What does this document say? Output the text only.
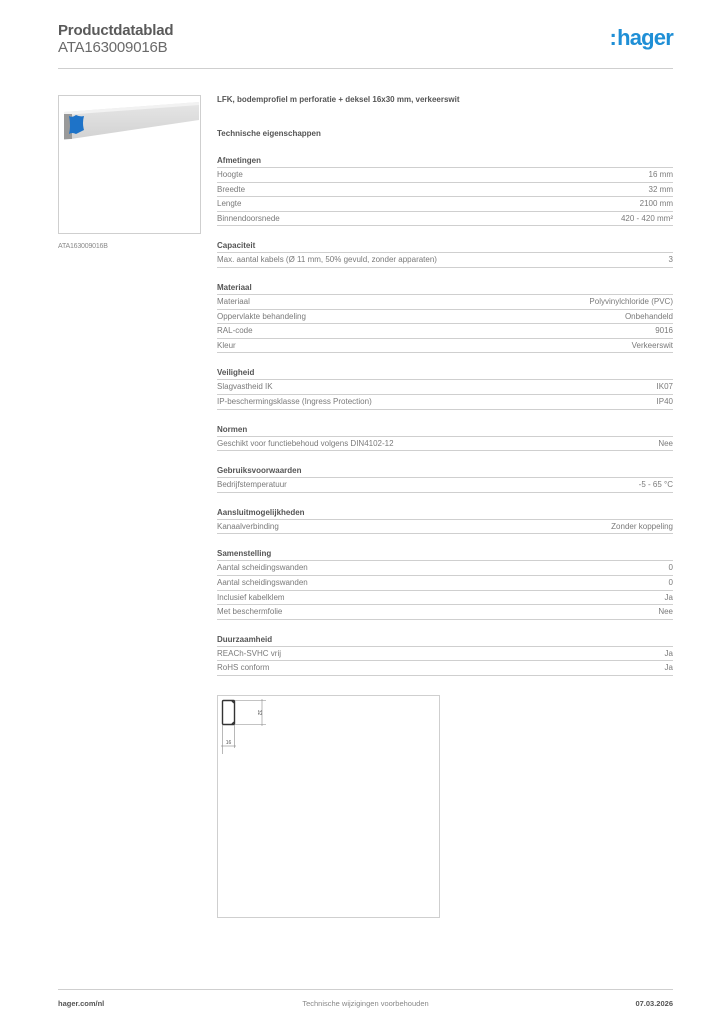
Productdatablad
ATA163009016B	:hager
ATA163009016B
LFK, bodemprofiel m perforatie + deksel 16x30 mm, verkeerswit
Technische eigenschappen
Afmetingen
Hoogte	16 mm
Breedte	32 mm
Lengte	2100 mm
Binnendoorsnede	420 - 420 mm²
Capaciteit
Max. aantal kabels (Ø 11 mm, 50% gevuld, zonder apparaten)	3
Materiaal
Materiaal	Polyvinylchloride (PVC)
Oppervlakte behandeling	Onbehandeld
RAL-code	9016
Kleur	Verkeerswit
Veiligheid
Slagvastheid IK	IK07
IP-beschermingsklasse (Ingress Protection)	IP40
Normen
Geschikt voor functiebehoud volgens DIN4102-12	Nee
Gebruiksvoorwaarden
Bedrijfstemperatuur	-5 - 65 °C
Aansluitmogelijkheden
Kanaalverbinding	Zonder koppeling
Samenstelling
Aantal scheidingswanden	0
Aantal scheidingswanden	0
Inclusief kabelklem	Ja
Met beschermfolie	Nee
Duurzaamheid
REACh-SVHC vrij	Ja
RoHS conform	Ja
32
16
Technische wijzigingen voorbehouden
hager.com/nl	07.03.2026
